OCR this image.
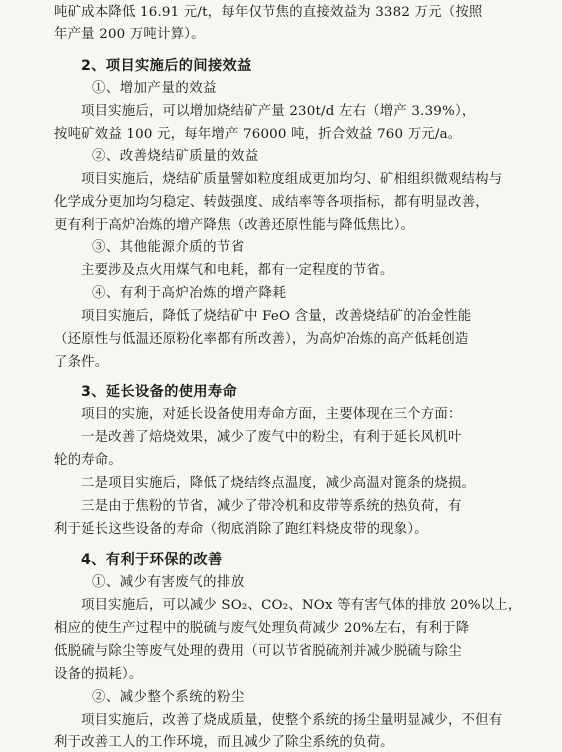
吨矿成本降低 16.91 元/t，每年仅节焦的直接效益为 3382 万元（按照
年产量 200 万吨计算）。
2、项目实施后的间接效益
①、增加产量的效益
项目实施后，可以增加烧结矿产量 230t/d 左右（增产 3.39%），
按吨矿效益 100 元，每年增产 76000 吨，折合效益 760 万元/a。
②、改善烧结矿质量的效益
项目实施后，烧结矿质量譬如粒度组成更加均匀、矿相组织微观结构与
化学成分更加均匀稳定、转鼓强度、成结率等各项指标，都有明显改善，
更有利于高炉冶炼的增产降焦（改善还原性能与降低焦比）。
③、其他能源介质的节省
主要涉及点火用煤气和电耗，都有一定程度的节省。
④、有利于高炉冶炼的增产降耗
项目实施后，降低了烧结矿中 FeO 含量，改善烧结矿的冶金性能
（还原性与低温还原粉化率都有所改善），为高炉冶炼的高产低耗创造
了条件。
3、延长设备的使用寿命
项目的实施，对延长设备使用寿命方面，主要体现在三个方面：
一是改善了焙烧效果，减少了废气中的粉尘，有利于延长风机叶
轮的寿命。
二是项目实施后，降低了烧结终点温度，减少高温对篦条的烧损。
三是由于焦粉的节省，减少了带冷机和皮带等系统的热负荷，有
利于延长这些设备的寿命（彻底消除了跑红料烧皮带的现象）。
4、有利于环保的改善
①、减少有害废气的排放
项目实施后，可以减少 SO₂、CO₂、NOx 等有害气体的排放 20%以上，
相应的使生产过程中的脱硫与废气处理负荷减少 20%左右，有利于降
低脱硫与除尘等废气处理的费用（可以节省脱硫剂并减少脱硫与除尘
设备的损耗）。
②、减少整个系统的粉尘
项目实施后，改善了烧成质量，使整个系统的扬尘量明显减少，不但有
利于改善工人的工作环境，而且减少了除尘系统的负荷。
